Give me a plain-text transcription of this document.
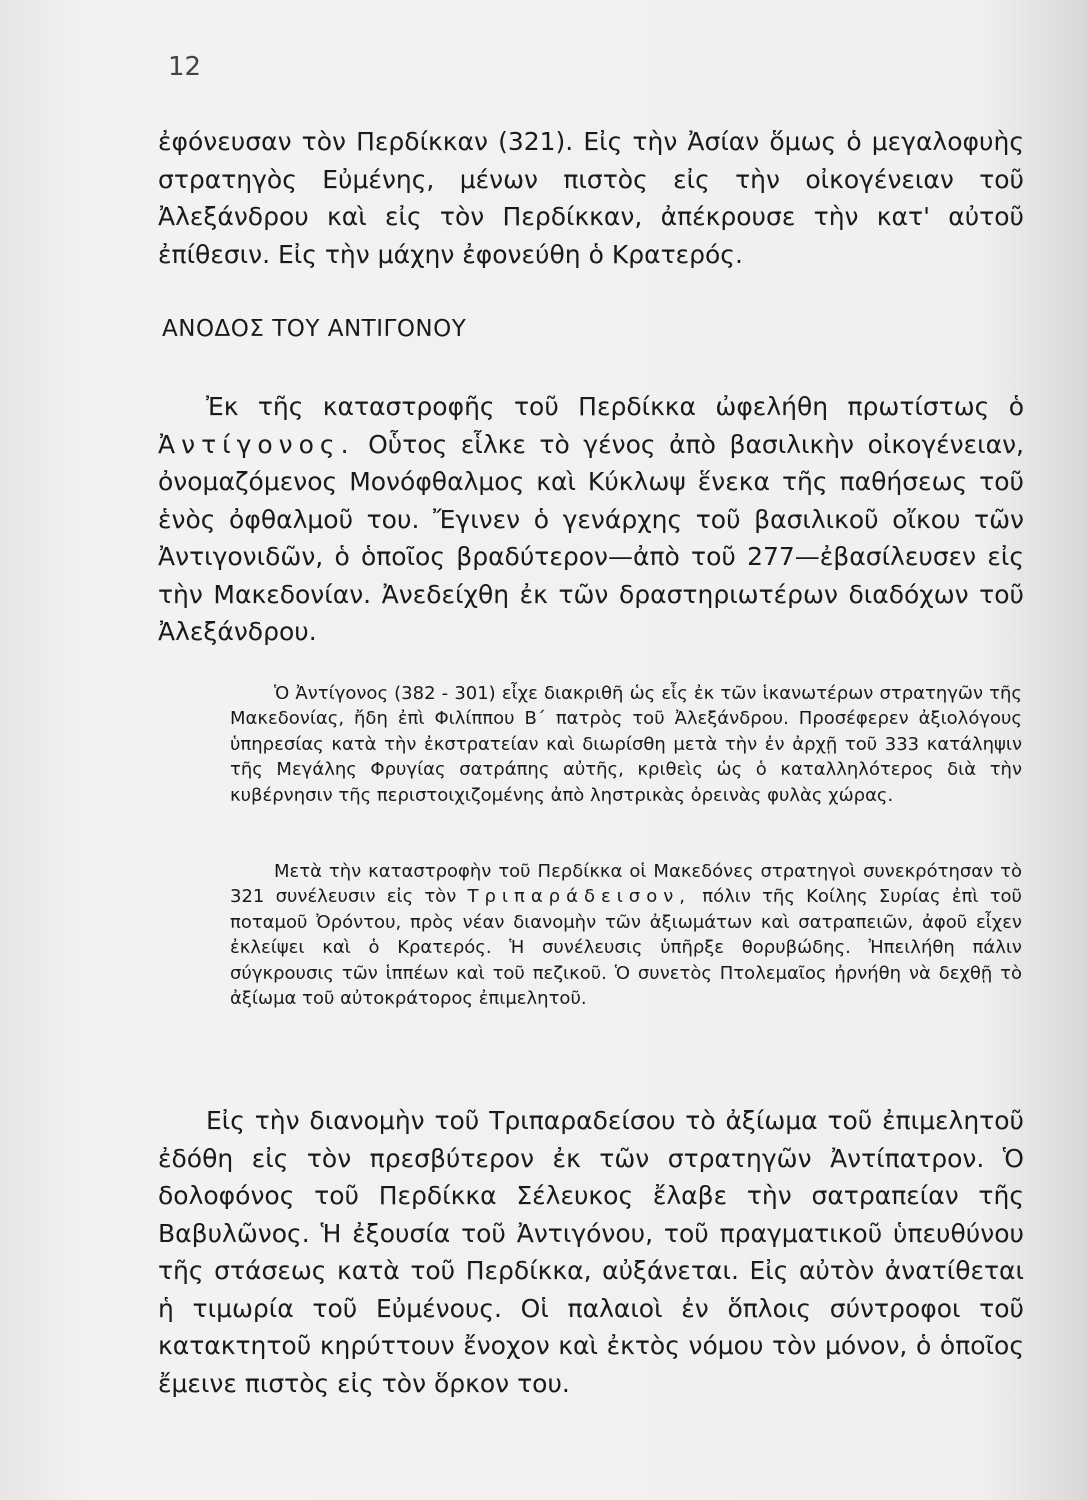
12

ἐφόνευσαν τὸν Περδίκκαν (321). Εἰς τὴν Ἀσίαν ὅμως ὁ μεγαλοφυὴς στρατηγὸς Εὐμένης, μένων πιστὸς εἰς τὴν οἰκογένειαν τοῦ Ἀλεξάνδρου καὶ εἰς τὸν Περδίκκαν, ἀπέκρουσε τὴν κατ' αὐτοῦ ἐπίθεσιν. Εἰς τὴν μάχην ἐφονεύθη ὁ Κρατερός.

ΑΝΟΔΟΣ ΤΟΥ ΑΝΤΙΓΟΝΟΥ

Ἐκ τῆς καταστροφῆς τοῦ Περδίκκα ὠφελήθη πρωτίστως ὁ Ἀντίγονος. Οὗτος εἷλκε τὸ γένος ἀπὸ βασιλικὴν οἰκογένειαν, ὀνομαζόμενος Μονόφθαλμος καὶ Κύκλωψ ἕνεκα τῆς παθήσεως τοῦ ἑνὸς ὀφθαλμοῦ του. Ἔγινεν ὁ γενάρχης τοῦ βασιλικοῦ οἴκου τῶν Ἀντιγονιδῶν, ὁ ὁποῖος βραδύτερον—ἀπὸ τοῦ 277—ἐβασίλευσεν εἰς τὴν Μακεδονίαν. Ἀνεδείχθη ἐκ τῶν δραστηριωτέρων διαδόχων τοῦ Ἀλεξάνδρου.

Ὁ Ἀντίγονος (382 - 301) εἶχε διακριθῆ ὡς εἷς ἐκ τῶν ἱκανωτέρων στρατηγῶν τῆς Μακεδονίας, ἤδη ἐπὶ Φιλίππου Β΄ πατρὸς τοῦ Ἀλεξάνδρου. Προσέφερεν ἀξιολόγους ὑπηρεσίας κατὰ τὴν ἐκστρατείαν καὶ διωρίσθη μετὰ τὴν ἐν ἀρχῇ τοῦ 333 κατάληψιν τῆς Μεγάλης Φρυγίας σατράπης αὐτῆς, κριθεὶς ὡς ὁ καταλληλότερος διὰ τὴν κυβέρνησιν τῆς περιστοιχιζομένης ἀπὸ ληστρικὰς ὀρεινὰς φυλὰς χώρας.

Μετὰ τὴν καταστροφὴν τοῦ Περδίκκα οἱ Μακεδόνες στρατηγοὶ συνεκρότησαν τὸ 321 συνέλευσιν εἰς τὸν Τριπαράδεισον, πόλιν τῆς Κοίλης Συρίας ἐπὶ τοῦ ποταμοῦ Ὀρόντου, πρὸς νέαν διανομὴν τῶν ἀξιωμάτων καὶ σατραπειῶν, ἀφοῦ εἶχεν ἐκλείψει καὶ ὁ Κρατερός. Ἡ συνέλευσις ὑπῆρξε θορυβώδης. Ἠπειλήθη πάλιν σύγκρουσις τῶν ἱππέων καὶ τοῦ πεζικοῦ. Ὁ συνετὸς Πτολεμαῖος ἠρνήθη νὰ δεχθῇ τὸ ἀξίωμα τοῦ αὐτοκράτορος ἐπιμελητοῦ.

Εἰς τὴν διανομὴν τοῦ Τριπαραδείσου τὸ ἀξίωμα τοῦ ἐπιμελητοῦ ἐδόθη εἰς τὸν πρεσβύτερον ἐκ τῶν στρατηγῶν Ἀντίπατρον. Ὁ δολοφόνος τοῦ Περδίκκα Σέλευκος ἔλαβε τὴν σατραπείαν τῆς Βαβυλῶνος. Ἡ ἐξουσία τοῦ Ἀντιγόνου, τοῦ πραγματικοῦ ὑπευθύνου τῆς στάσεως κατὰ τοῦ Περδίκκα, αὐξάνεται. Εἰς αὐτὸν ἀνατίθεται ἡ τιμωρία τοῦ Εὐμένους. Οἱ παλαιοὶ ἐν ὅπλοις σύντροφοι τοῦ κατακτητοῦ κηρύττουν ἔνοχον καὶ ἐκτὸς νόμου τὸν μόνον, ὁ ὁποῖος ἔμεινε πιστὸς εἰς τὸν ὅρκον του.
